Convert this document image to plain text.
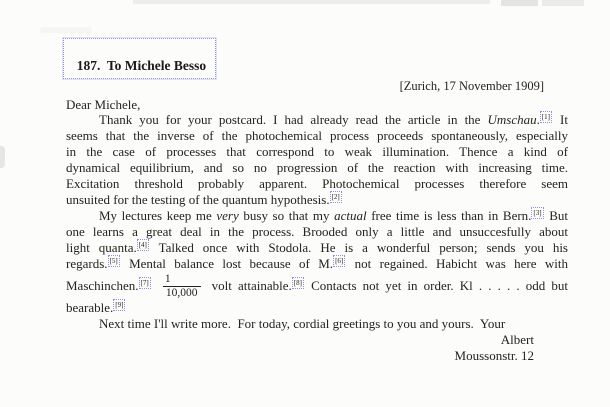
187.  To Michele Besso

[Zurich, 17 November 1909]
Dear Michele,
Thank you for your postcard. I had already read the article in the Umschau. [1] It
seems that the inverse of the photochemical process proceeds spontaneously, especially
in the case of processes that correspond to weak illumination. Thence a kind of
dynamical equilibrium, and so no progression of the reaction with increasing time.
Excitation threshold probably apparent. Photochemical processes therefore seem
unsuited for the testing of the quantum hypothesis. [2]
My lectures keep me very busy so that my actual free time is less than in Bern. [3] But
one learns a great deal in the process. Brooded only a little and unsuccesfully about
light quanta. [4] Talked once with Stodola. He is a wonderful person; sends you his
regards. [5] Mental balance lost because of M. [6] not regained. Habicht was here with
Maschinchen. $[7] \frac{1}{10,000}$ volt attainable. [8] Contacts not yet in order. Kl . . . . . odd but
bearable. [9]
Next time I'll write more.  For today, cordial greetings to you and yours.  Your
Albert
Moussonstr. 12
